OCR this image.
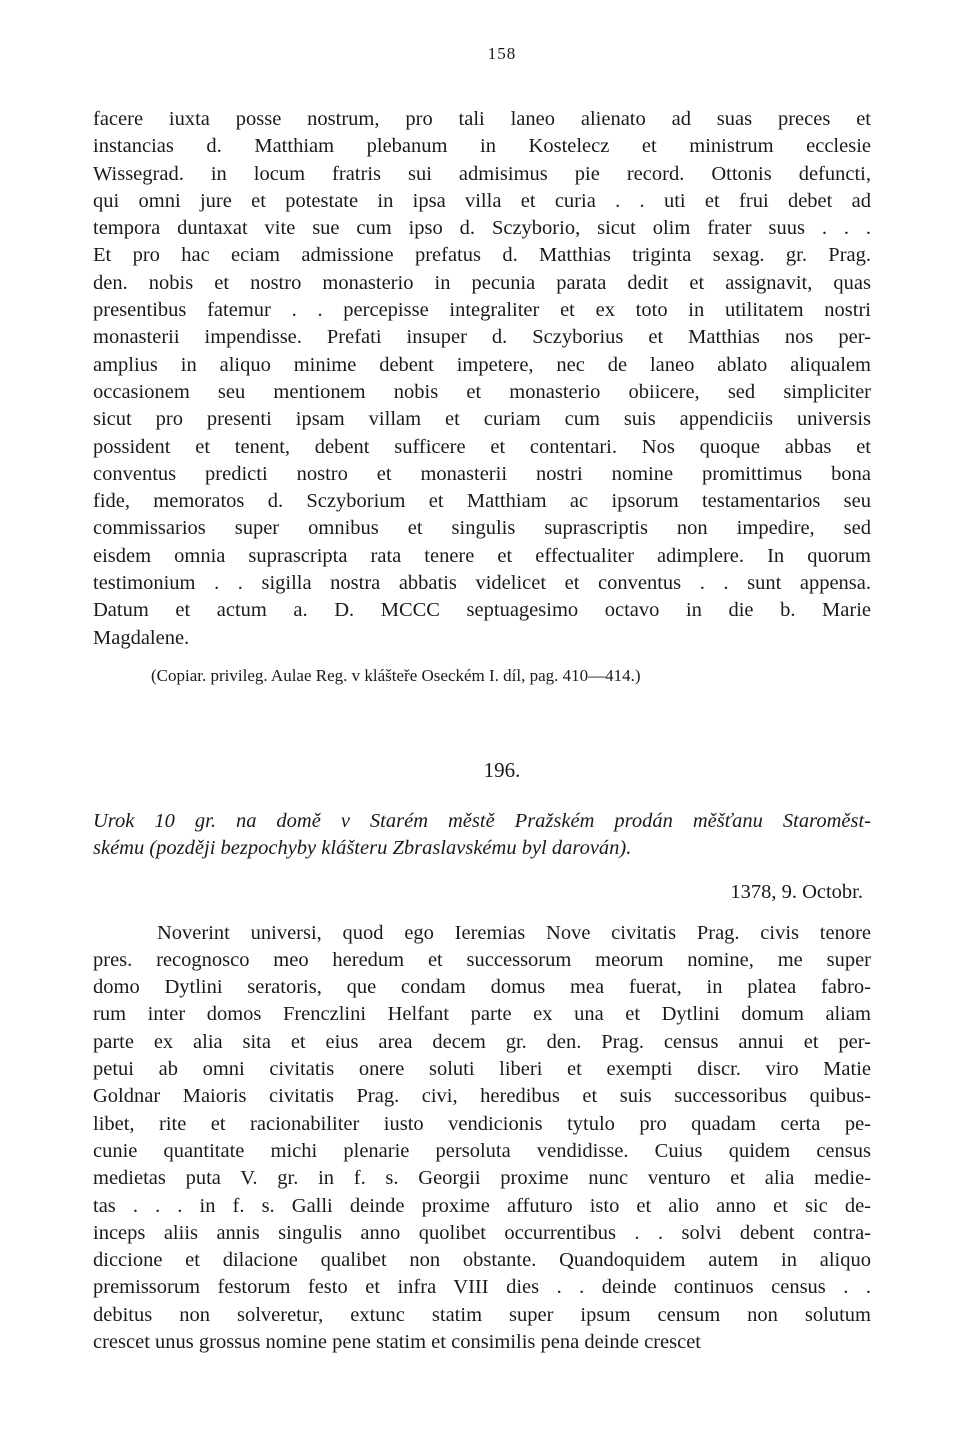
158
facere iuxta posse nostrum, pro tali laneo alienato ad suas preces et
instancias d. Matthiam plebanum in Kostelecz et ministrum ecclesie
Wissegrad. in locum fratris sui admisimus pie record. Ottonis defuncti,
qui omni jure et potestate in ipsa villa et curia . . uti et frui debet ad
tempora duntaxat vite sue cum ipso d. Sczyborio, sicut olim frater suus . . .
Et pro hac eciam admissione prefatus d. Matthias triginta sexag. gr. Prag.
den. nobis et nostro monasterio in pecunia parata dedit et assignavit, quas
presentibus fatemur . . percepisse integraliter et ex toto in utilitatem nostri
monasterii impendisse. Prefati insuper d. Sczyborius et Matthias nos per-
amplius in aliquo minime debent impetere, nec de laneo ablato aliqualem
occasionem seu mentionem nobis et monasterio obiicere, sed simpliciter
sicut pro presenti ipsam villam et curiam cum suis appendiciis universis
possident et tenent, debent sufficere et contentari. Nos quoque abbas et
conventus predicti nostro et monasterii nostri nomine promittimus bona
fide, memoratos d. Sczyborium et Matthiam ac ipsorum testamentarios seu
commissarios super omnibus et singulis suprascriptis non impedire, sed
eisdem omnia suprascripta rata tenere et effectualiter adimplere. In quorum
testimonium . . sigilla nostra abbatis videlicet et conventus . . sunt appensa.
Datum et actum a. D. MCCC septuagesimo octavo in die b. Marie
Magdalene.
(Copiar. privileg. Aulae Reg. v klášteře Oseckém I. díl, pag. 410—414.)
196.
Urok 10 gr. na domě v Starém městě Pražském prodán měšťanu Staroměst-
skému (později bezpochyby klášteru Zbraslavskému byl darován).
1378, 9. Octobr.
Noverint universi, quod ego Ieremias Nove civitatis Prag. civis tenore
pres. recognosco meo heredum et successorum meorum nomine, me super
domo Dytlini seratoris, que condam domus mea fuerat, in platea fabro-
rum inter domos Frenczlini Helfant parte ex una et Dytlini domum aliam
parte ex alia sita et eius area decem gr. den. Prag. census annui et per-
petui ab omni civitatis onere soluti liberi et exempti discr. viro Matie
Goldnar Maioris civitatis Prag. civi, heredibus et suis successoribus quibus-
libet, rite et racionabiliter iusto vendicionis tytulo pro quadam certa pe-
cunie quantitate michi plenarie persoluta vendidisse. Cuius quidem census
medietas puta V. gr. in f. s. Georgii proxime nunc venturo et alia medie-
tas . . . in f. s. Galli deinde proxime affuturo isto et alio anno et sic de-
inceps aliis annis singulis anno quolibet occurrentibus . . solvi debent contra-
diccione et dilacione qualibet non obstante. Quandoquidem autem in aliquo
premissorum festorum festo et infra VIII dies . . deinde continuos census . .
debitus non solveretur, extunc statim super ipsum censum non solutum
crescet unus grossus nomine pene statim et consimilis pena deinde crescet
